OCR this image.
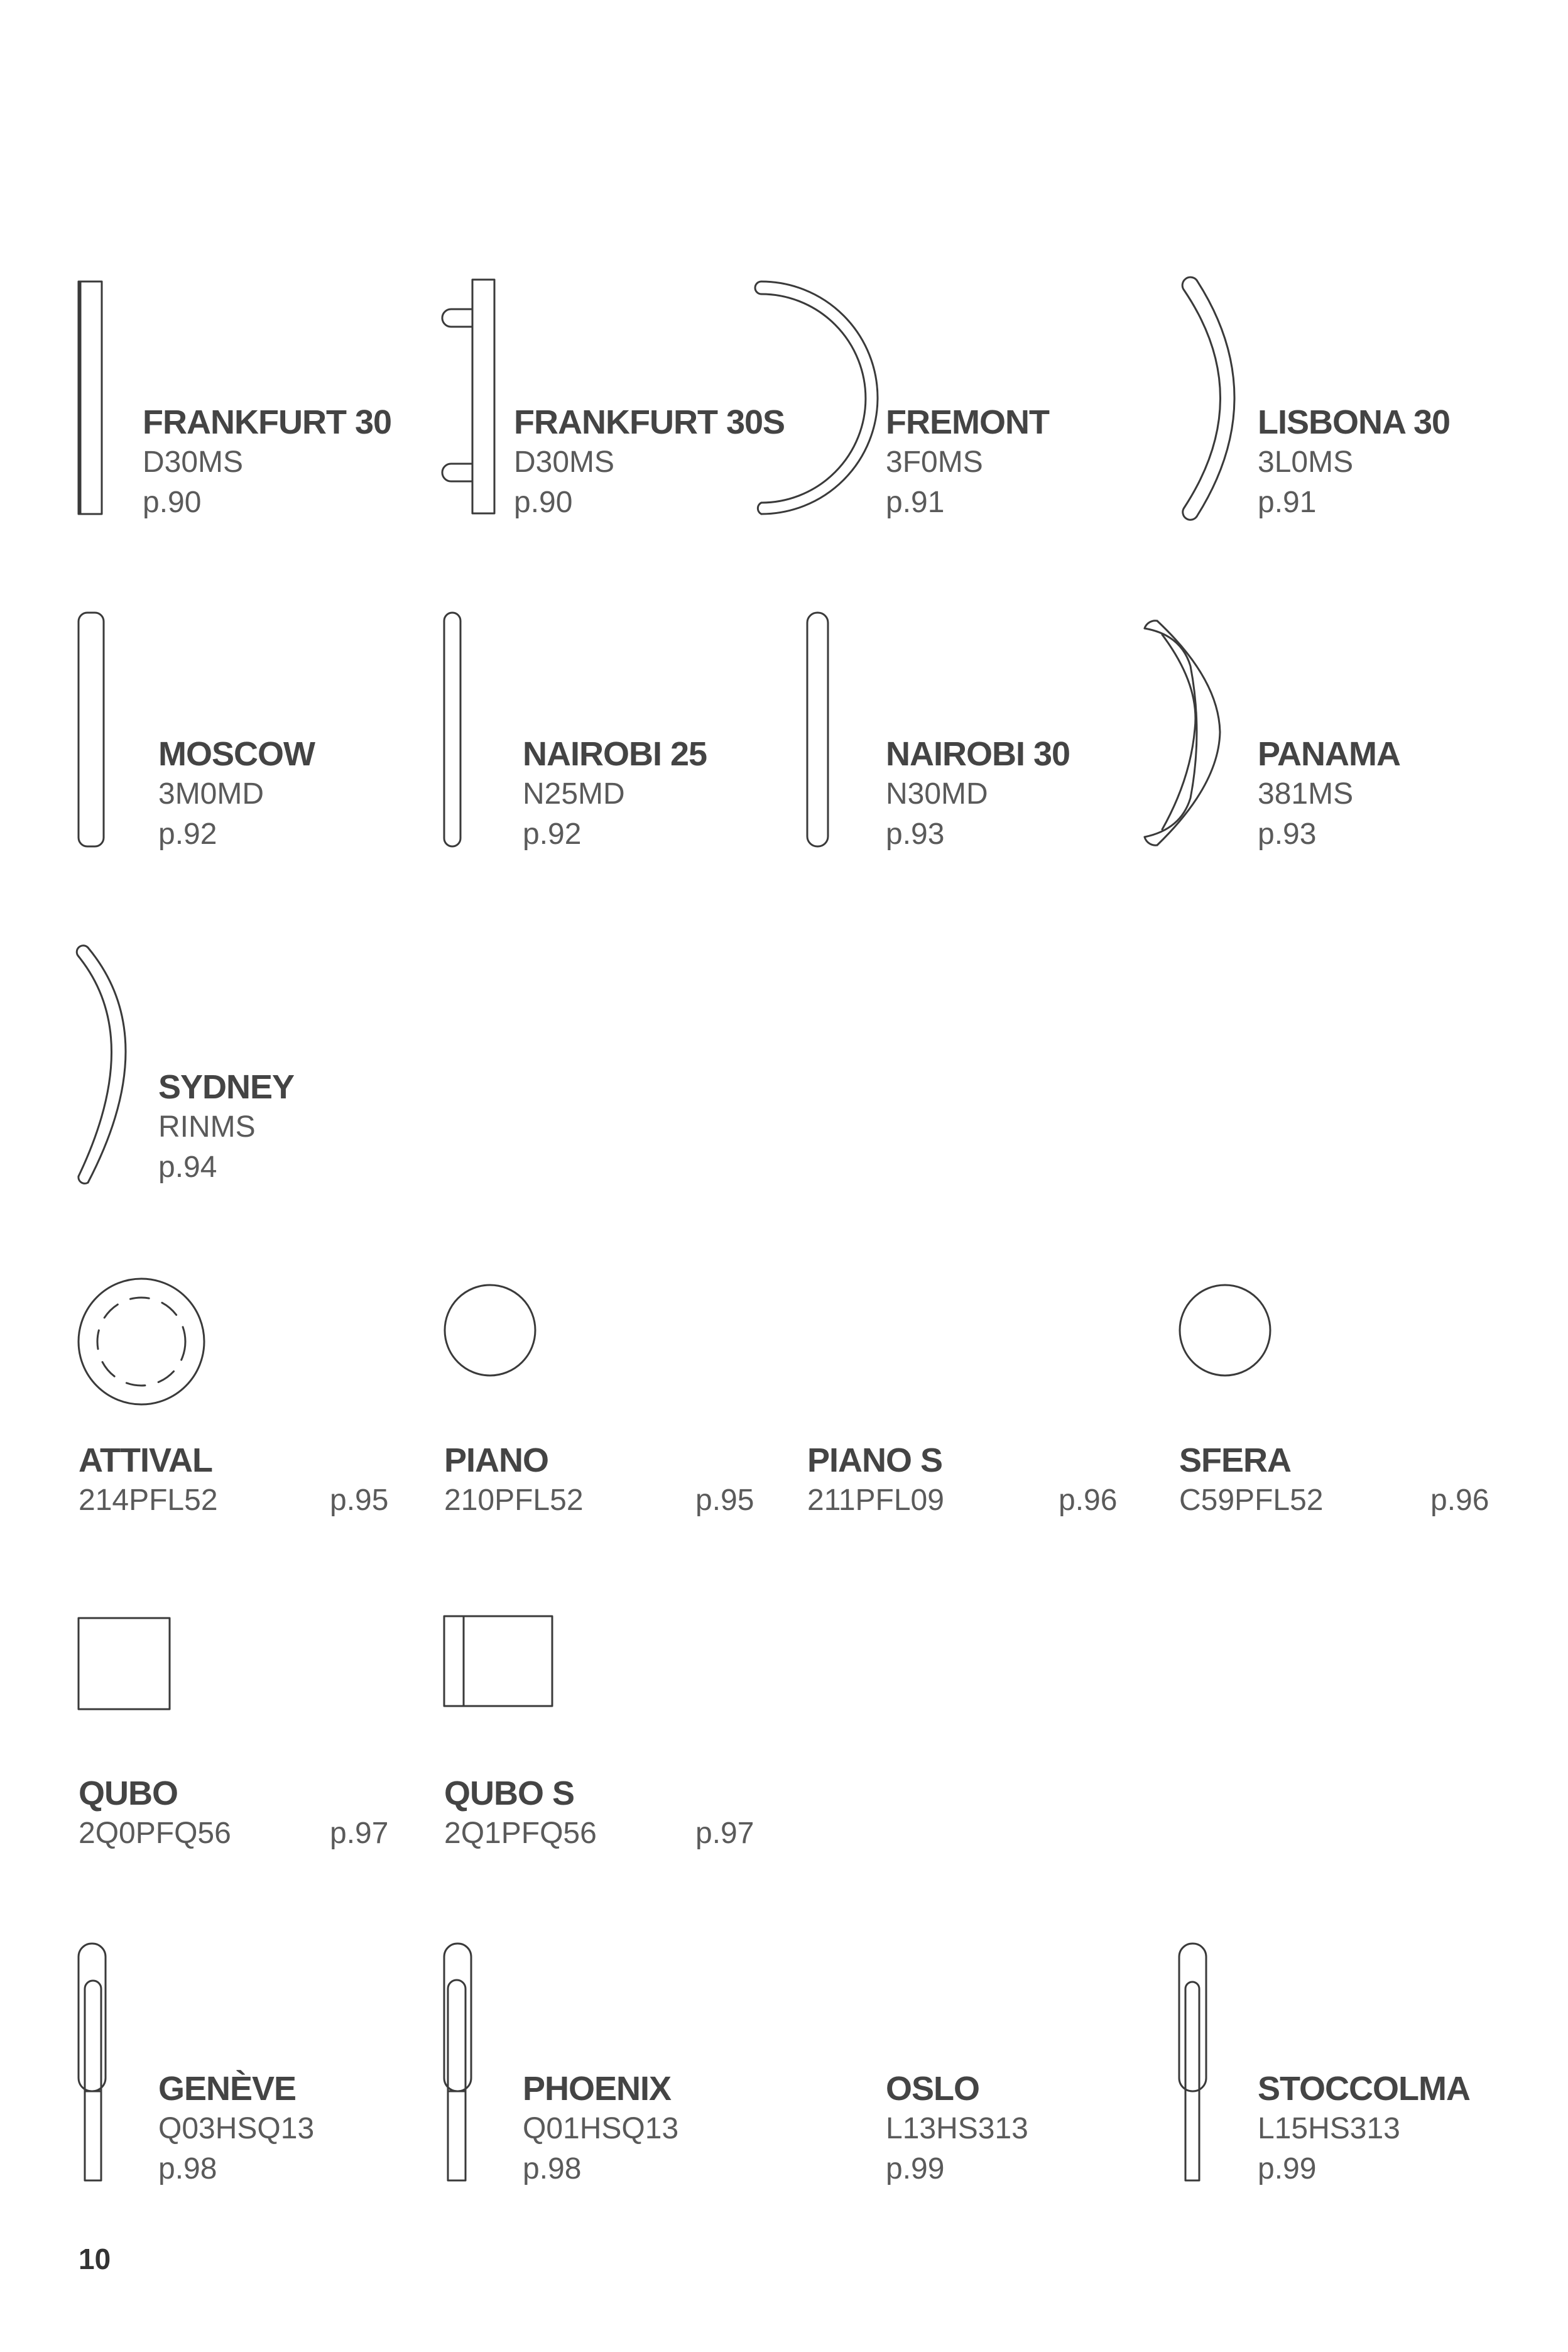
FRANKFURT 30
D30MS
p.90
FRANKFURT 30S
D30MS
p.90
FREMONT
3F0MS
p.91
LISBONA 30
3L0MS
p.91
MOSCOW
3M0MD
p.92
NAIROBI 25
N25MD
p.92
NAIROBI 30
N30MD
p.93
PANAMA
381MS
p.93
SYDNEY
RINMS
p.94
ATTIVAL
214PFL52	p.95
PIANO
210PFL52	p.95
PIANO S
211PFL09	p.96
SFERA
C59PFL52	p.96
QUBO
2Q0PFQ56	p.97
QUBO S
2Q1PFQ56	p.97
GENÈVE
Q03HSQ13
p.98
PHOENIX
Q01HSQ13
p.98
OSLO
L13HS313
p.99
STOCCOLMA
L15HS313
p.99
10
